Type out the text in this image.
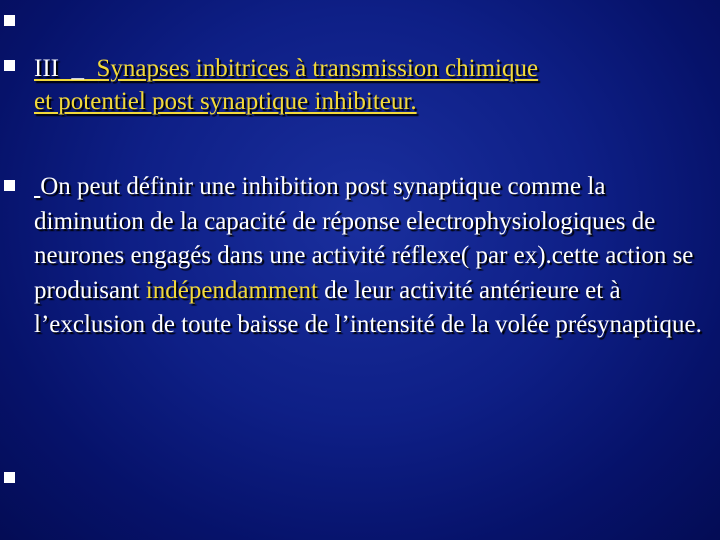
III  _  Synapses inbitrices à transmission chimique
et potentiel post synaptique inhibiteur.
On peut définir une inhibition post synaptique comme la diminution de la capacité de réponse electrophysiologiques de neurones engagés dans une activité réflexe( par ex).cette action se produisant indépendamment de leur activité antérieure et à l’exclusion de toute baisse de l’intensité de la volée présynaptique.
